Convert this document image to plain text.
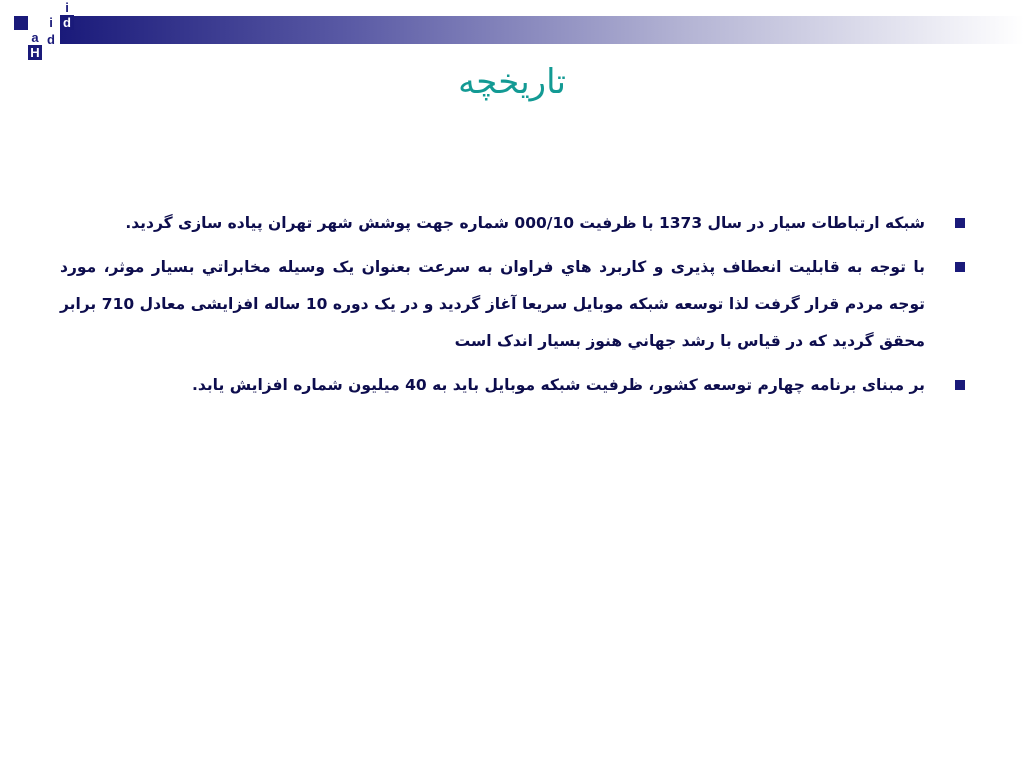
i
d
a
i
H
d
تاریخچه
شبکه ارتباطات سیار در سال 1373 با ظرفیت 000/10 شماره جهت پوشش شهر تهران پیاده سازی گردید.
با توجه به قابلیت انعطاف پذیری و کاربرد هاي فراوان به سرعت بعنوان یک وسیله مخابراتي بسیار موثر، مورد توجه مردم قرار گرفت لذا توسعه شبکه موبایل سریعا آغاز گردید و در یک دوره 10 ساله افزایشی معادل 710 برابر محقق گردید که در قیاس با رشد جهاني هنوز بسیار اندک است
بر مبنای برنامه چهارم توسعه کشور، ظرفیت شبکه موبایل باید به 40 میلیون شماره افزایش یابد.
